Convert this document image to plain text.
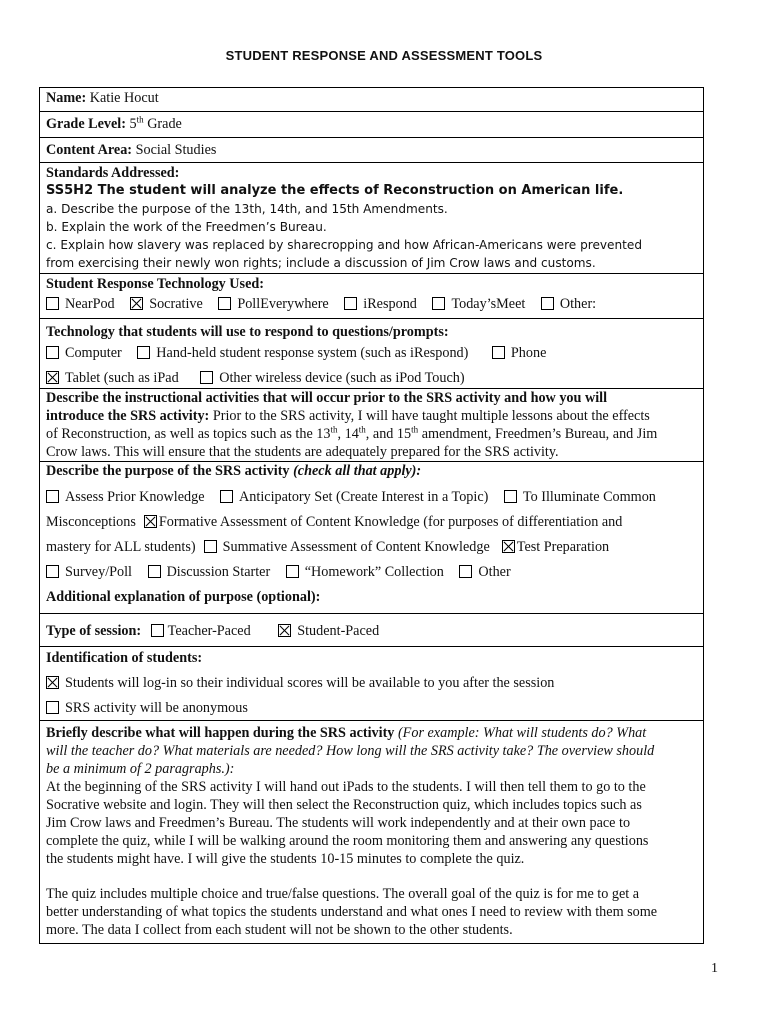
STUDENT RESPONSE AND ASSESSMENT TOOLS
Name: Katie Hocut
Grade Level: 5th Grade
Content Area: Social Studies
Standards Addressed:
SS5H2 The student will analyze the effects of Reconstruction on American life.
a. Describe the purpose of the 13th, 14th, and 15th Amendments.
b. Explain the work of the Freedmen’s Bureau.
c. Explain how slavery was replaced by sharecropping and how African-Americans were prevented
from exercising their newly won rights; include a discussion of Jim Crow laws and customs.
Student Response Technology Used:
NearPod Socrative PollEverywhere iRespond Today’sMeet Other:
Technology that students will use to respond to questions/prompts:
Computer Hand-held student response system (such as iRespond)	Phone
Tablet (such as iPad	Other wireless device (such as iPod Touch)
Describe the instructional activities that will occur prior to the SRS activity and how you will
introduce the SRS activity: Prior to the SRS activity, I will have taught multiple lessons about the effects
of Reconstruction, as well as topics such as the 13th, 14th, and 15th amendment, Freedmen’s Bureau, and Jim
Crow laws. This will ensure that the students are adequately prepared for the SRS activity.
Describe the purpose of the SRS activity (check all that apply):
Assess Prior Knowledge Anticipatory Set (Create Interest in a Topic) To Illuminate Common
Misconceptions Formative Assessment of Content Knowledge (for purposes of differentiation and
mastery for ALL students) Summative Assessment of Content Knowledge Test Preparation
Survey/Poll Discussion Starter “Homework” Collection Other
Additional explanation of purpose (optional):
Type of session: Teacher-Paced	Student-Paced
Identification of students:
Students will log-in so their individual scores will be available to you after the session
SRS activity will be anonymous
Briefly describe what will happen during the SRS activity (For example: What will students do? What
will the teacher do? What materials are needed? How long will the SRS activity take? The overview should
be a minimum of 2 paragraphs.):
At the beginning of the SRS activity I will hand out iPads to the students. I will then tell them to go to the
Socrative website and login. They will then select the Reconstruction quiz, which includes topics such as
Jim Crow laws and Freedmen’s Bureau. The students will work independently and at their own pace to
complete the quiz, while I will be walking around the room monitoring them and answering any questions
the students might have. I will give the students 10-15 minutes to complete the quiz.
The quiz includes multiple choice and true/false questions. The overall goal of the quiz is for me to get a
better understanding of what topics the students understand and what ones I need to review with them some
more. The data I collect from each student will not be shown to the other students.
1
